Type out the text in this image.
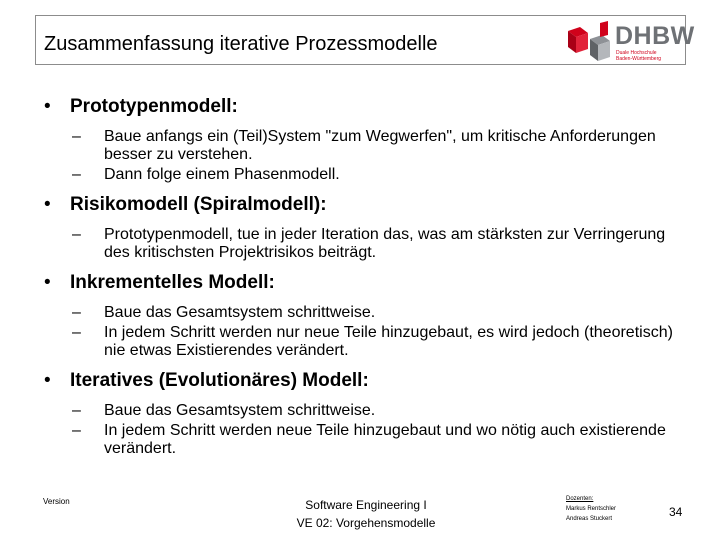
Zusammenfassung iterative Prozessmodelle	DHBW
Duale Hochschule
Baden-Württemberg
• Prototypenmodell:
– Baue anfangs ein (Teil)System "zum Wegwerfen", um kritische Anforderungen besser zu verstehen.
– Dann folge einem Phasenmodell.
• Risikomodell (Spiralmodell):
– Prototypenmodell, tue in jeder Iteration das, was am stärksten zur Verringerung des kritischsten Projektrisikos beiträgt.
• Inkrementelles Modell:
– Baue das Gesamtsystem schrittweise.
– In jedem Schritt werden nur neue Teile hinzugebaut, es wird jedoch (theoretisch) nie etwas Existierendes verändert.
• Iteratives (Evolutionäres) Modell:
– Baue das Gesamtsystem schrittweise.
– In jedem Schritt werden neue Teile hinzugebaut und wo nötig auch existierende verändert.
Version	Software Engineering I
VE 02: Vorgehensmodelle
Dozenten:
Markus Rentschler
Andreas Stuckert	34
